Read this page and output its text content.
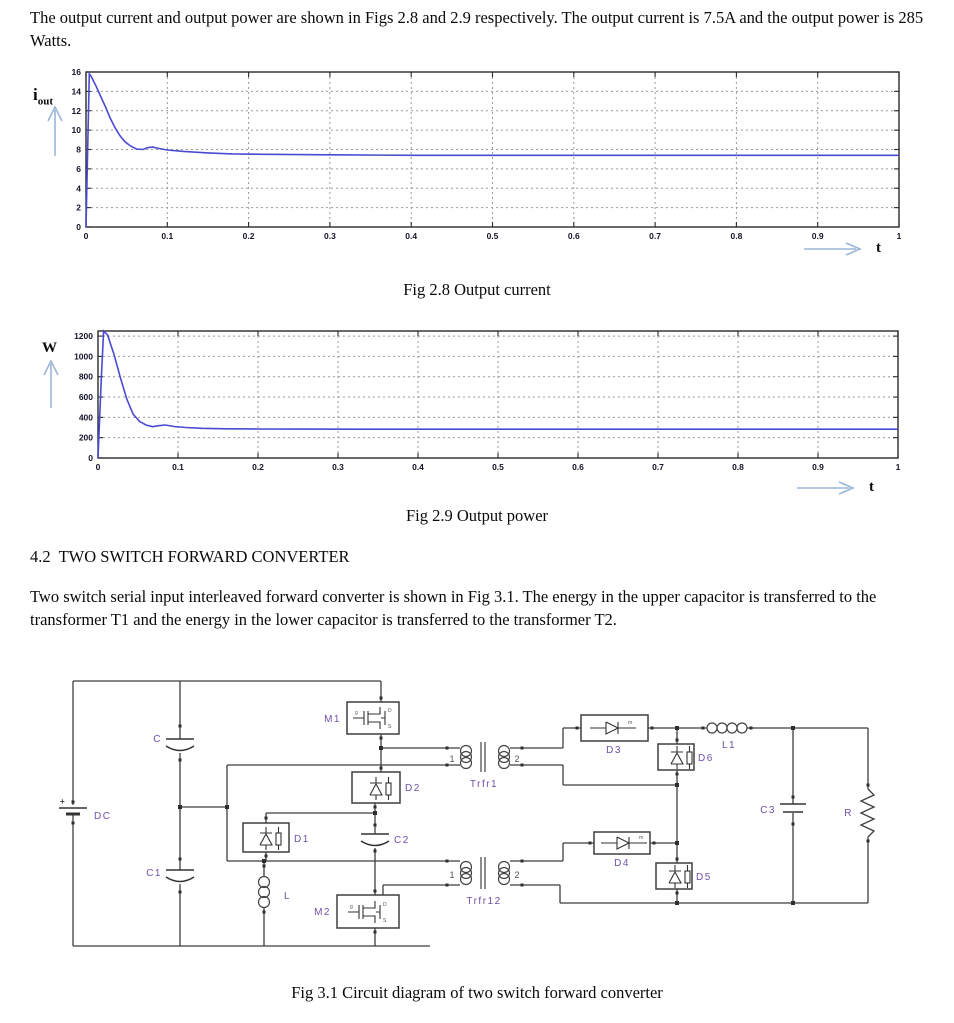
The output current and output power are shown in Figs 2.8 and 2.9 respectively. The output current is 7.5A and the output power is 285 Watts.

0
2
4
6
8
10
12
14
16
0	0.1	0.2	0.3	0.4	0.5	0.6	0.7	0.8	0.9	1
$i_{out}$
t

Fig 2.8 Output current

0
200
400
600
800
1000
1200
0	0.1	0.2	0.3	0.4	0.5	0.6	0.7	0.8	0.9	1
W
t

Fig 2.9 Output power

4.2  TWO SWITCH FORWARD CONVERTER

Two switch serial input interleaved forward converter is shown in Fig 3.1. The energy in the upper capacitor is transferred to the transformer T1 and the energy in the lower capacitor is transferred to the transformer T2.

g	D
S
m
+
DC
C
C1
C2
C3
M1
M2
D1
D2
D6
D5
D3
D4
L
L1
R
1	2
Trfr1
1	2
Trfr12

Fig 3.1 Circuit diagram of two switch forward converter
